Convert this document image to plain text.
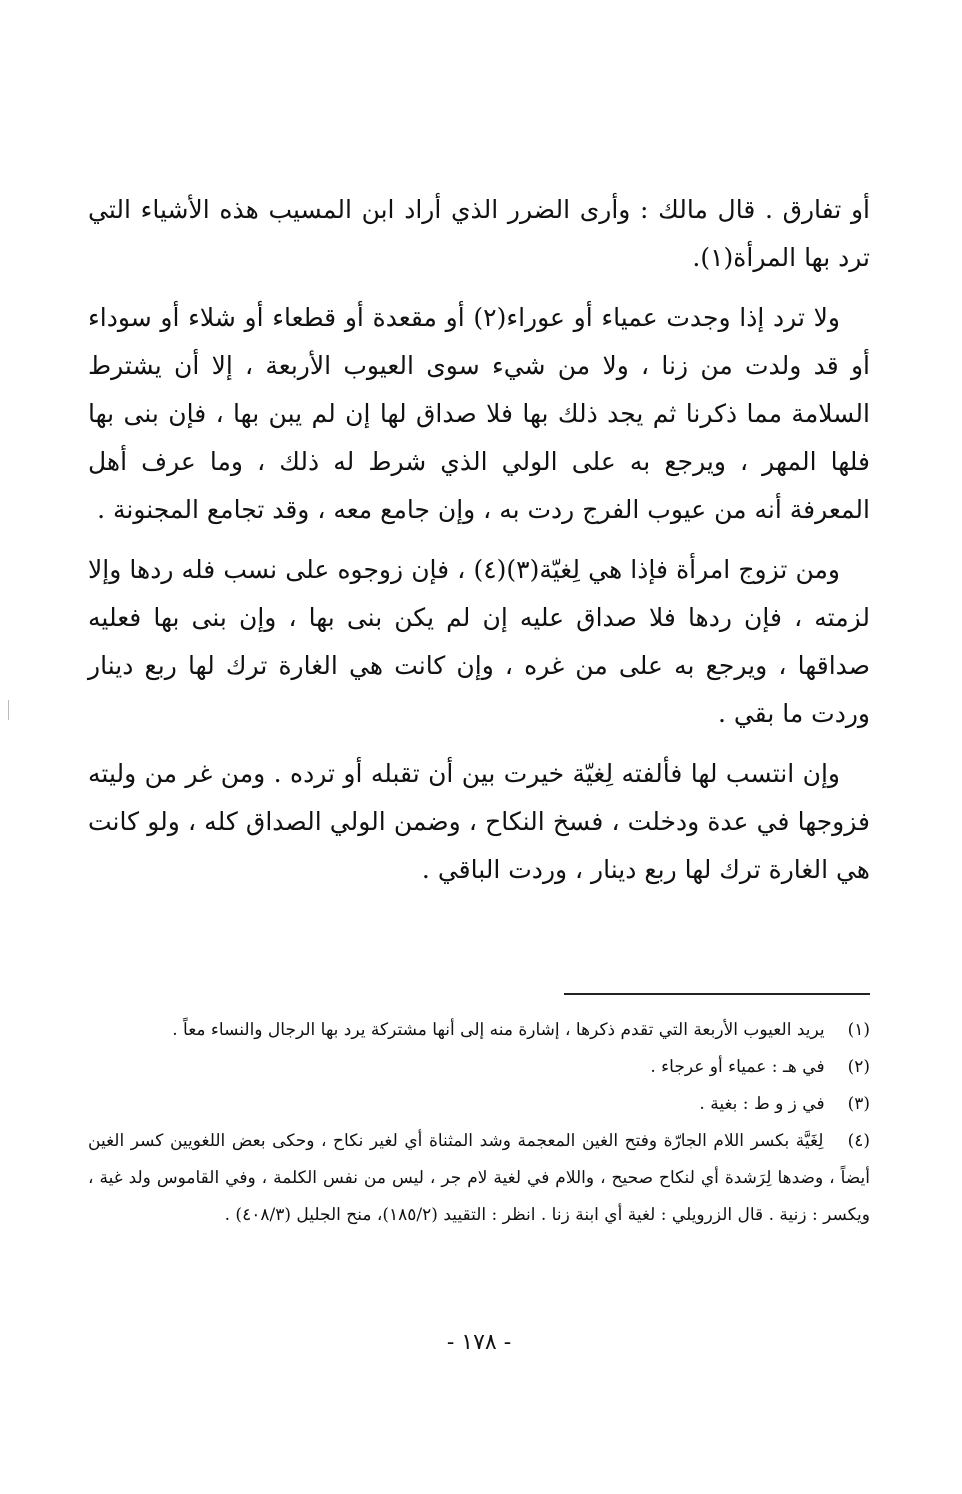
أو تفارق . قال مالك : وأرى الضرر الذي أراد ابن المسيب هذه الأشياء التي ترد بها المرأة(١).

ولا ترد إذا وجدت عمياء أو عوراء(٢) أو مقعدة أو قطعاء أو شلاء أو سوداء أو قد ولدت من زنا ، ولا من شيء سوى العيوب الأربعة ، إلا أن يشترط السلامة مما ذكرنا ثم يجد ذلك بها فلا صداق لها إن لم يبن بها ، فإن بنى بها فلها المهر ، ويرجع به على الولي الذي شرط له ذلك ، وما عرف أهل المعرفة أنه من عيوب الفرج ردت به ، وإن جامع معه ، وقد تجامع المجنونة .

ومن تزوج امرأة فإذا هي لِغيّة(٣)(٤) ، فإن زوجوه على نسب فله ردها وإلا لزمته ، فإن ردها فلا صداق عليه إن لم يكن بنى بها ، وإن بنى بها فعليه صداقها ، ويرجع به على من غره ، وإن كانت هي الغارة ترك لها ربع دينار وردت ما بقي .

وإن انتسب لها فألفته لِغيّة خيرت بين أن تقبله أو ترده . ومن غر من وليته فزوجها في عدة ودخلت ، فسخ النكاح ، وضمن الولي الصداق كله ، ولو كانت هي الغارة ترك لها ربع دينار ، وردت الباقي .

(١) يريد العيوب الأربعة التي تقدم ذكرها ، إشارة منه إلى أنها مشتركة يرد بها الرجال والنساء معاً .

(٢) في هـ : عمياء أو عرجاء .

(٣) في ز و ط : بغية .

(٤) لِغَيَّة بكسر اللام الجارّة وفتح الغين المعجمة وشد المثناة أي لغير نكاح ، وحكى بعض اللغويين كسر الغين أيضاً ، وضدها لِرَشدة أي لنكاح صحيح ، واللام في لغية لام جر ، ليس من نفس الكلمة ، وفي القاموس ولد غية ، ويكسر : زنية . قال الزرويلي : لغية أي ابنة زنا . انظر : التقييد (١٨٥/٢)، منح الجليل (٤٠٨/٣) .

- ١٧٨ -
